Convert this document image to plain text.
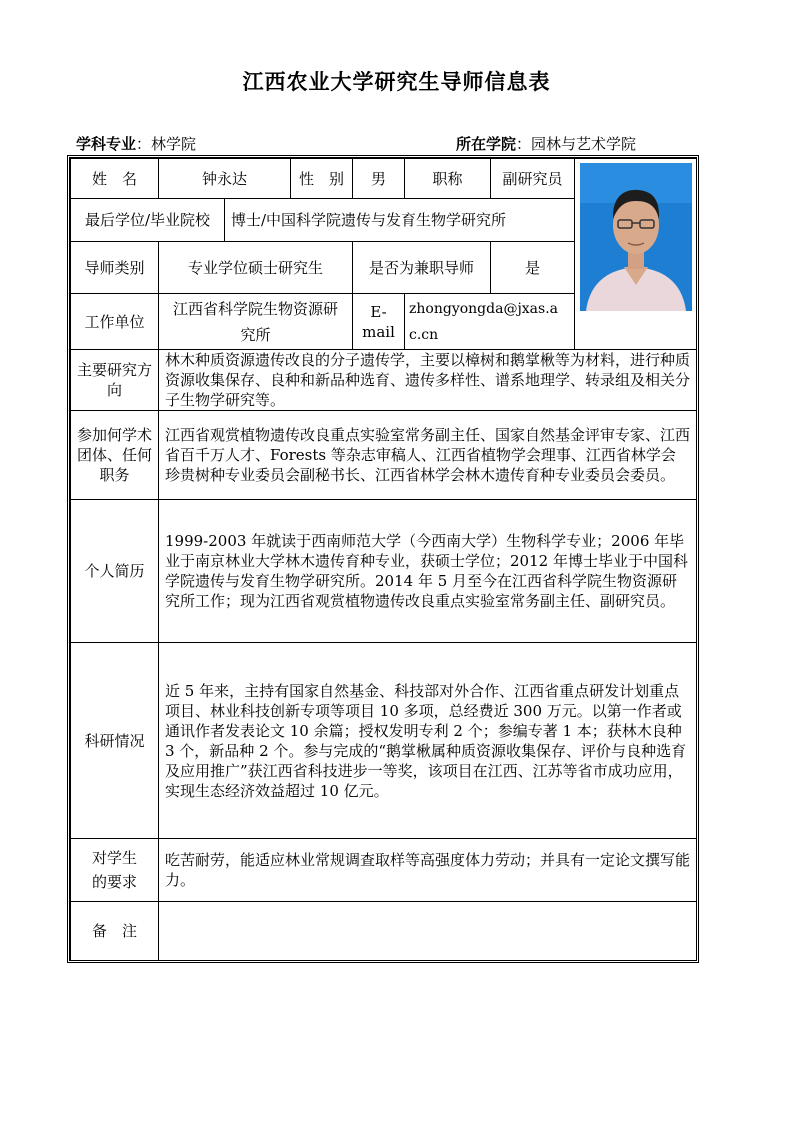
江西农业大学研究生导师信息表
学科专业：林学院	所在学院：园林与艺术学院
姓　名	钟永达		性　别	男	职称	副研究员	

最后学位/毕业院校		博士/中国科学院遗传与发育生物学研究所					
导师类别	专业学位硕士研究生			是否为兼职导师		是	
工作单位	江西省科学院生物资源研究所			E-mail	zhongyongda@jxas.ac.cn		
主要研究方向	林木种质资源遗传改良的分子遗传学，主要以樟树和鹅掌楸等为材料，进行种质资源收集保存、良种和新品种选育、遗传多样性、谱系地理学、转录组及相关分子生物学研究等。						
参加何学术团体、任何职务	江西省观赏植物遗传改良重点实验室常务副主任、国家自然基金评审专家、江西省百千万人才、Forests 等杂志审稿人、江西省植物学会理事、江西省林学会珍贵树种专业委员会副秘书长、江西省林学会林木遗传育种专业委员会委员。						
个人简历	1999-2003 年就读于西南师范大学（今西南大学）生物科学专业；2006 年毕业于南京林业大学林木遗传育种专业，获硕士学位；2012 年博士毕业于中国科学院遗传与发育生物学研究所。2014 年 5 月至今在江西省科学院生物资源研究所工作；现为江西省观赏植物遗传改良重点实验室常务副主任、副研究员。						
科研情况	近 5 年来，主持有国家自然基金、科技部对外合作、江西省重点研发计划重点项目、林业科技创新专项等项目 10 多项，总经费近 300 万元。以第一作者或通讯作者发表论文 10 余篇；授权发明专利 2 个；参编专著 1 本；获林木良种 3 个，新品种 2 个。参与完成的“鹅掌楸属种质资源收集保存、评价与良种选育及应用推广”获江西省科技进步一等奖，该项目在江西、江苏等省市成功应用，实现生态经济效益超过 10 亿元。						
对学生的要求	吃苦耐劳，能适应林业常规调查取样等高强度体力劳动；并具有一定论文撰写能力。						
备　注							
